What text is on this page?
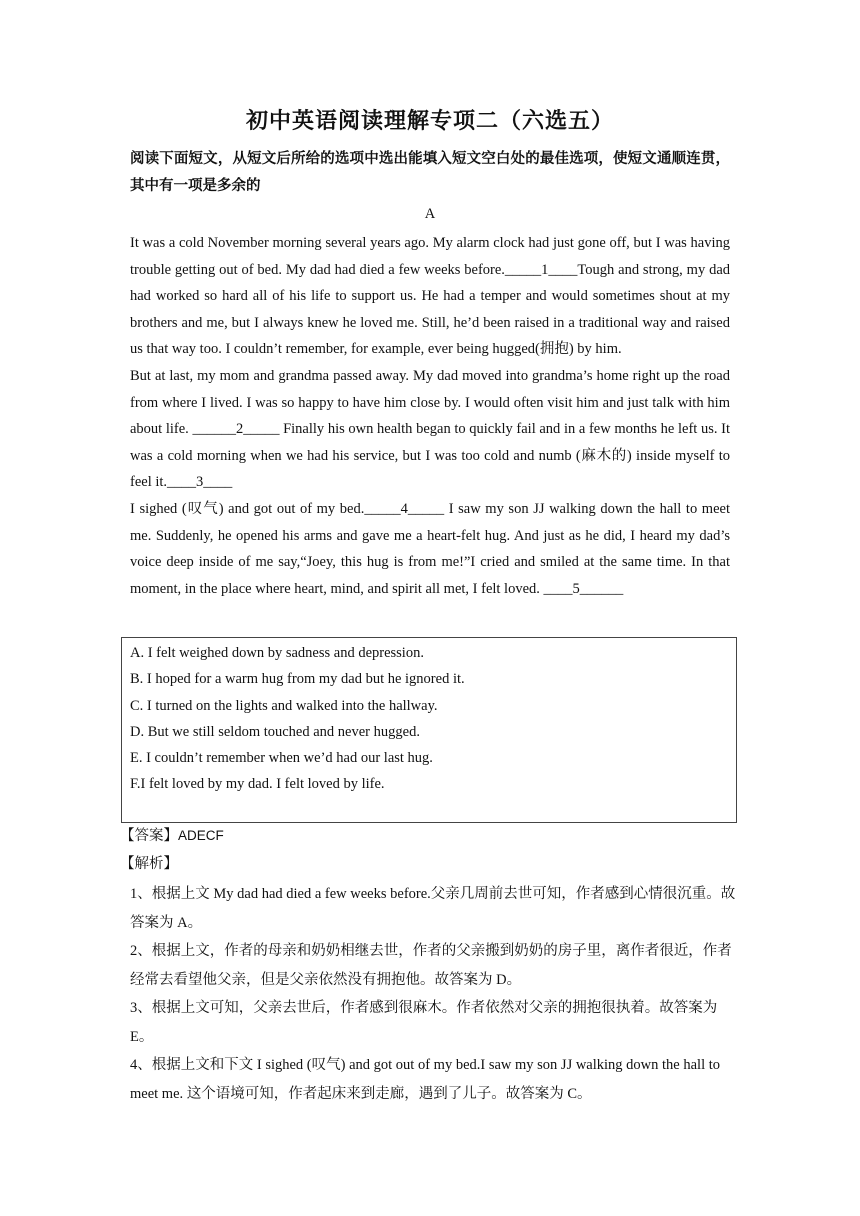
初中英语阅读理解专项二（六选五）
阅读下面短文，从短文后所给的选项中选出能填入短文空白处的最佳选项，使短文通顺连贯，其中有一项是多余的
A

It was a cold November morning several years ago. My alarm clock had just gone off, but I was having trouble getting out of bed. My dad had died a few weeks before._____1____Tough and strong, my dad had worked so hard all of his life to support us. He had a temper and would sometimes shout at my brothers and me, but I always knew he loved me. Still, he’d been raised in a traditional way and raised us that way too. I couldn’t remember, for example, ever being hugged(拥抱) by him.

But at last, my mom and grandma passed away. My dad moved into grandma’s home right up the road from where I lived. I was so happy to have him close by. I would often visit him and just talk with him about life. ______2_____ Finally his own health began to quickly fail and in a few months he left us. It was a cold morning when we had his service, but I was too cold and numb (麻木的) inside myself to feel it.____3____

I sighed (叹气) and got out of my bed._____4_____ I saw my son JJ walking down the hall to meet me. Suddenly, he opened his arms and gave me a heart-felt hug. And just as he did, I heard my dad’s voice deep inside of me say,“Joey, this hug is from me!”I cried and smiled at the same time. In that moment, in the place where heart, mind, and spirit all met, I felt loved. ____5______

A. I felt weighed down by sadness and depression.
B. I hoped for a warm hug from my dad but he ignored it.
C. I turned on the lights and walked into the hallway.
D. But we still seldom touched and never hugged.
E. I couldn’t remember when we’d had our last hug.
F.I felt loved by my dad. I felt loved by life.
【答案】ADECF
【解析】

1、根据上文 My dad had died a few weeks before.父亲几周前去世可知，作者感到心情很沉重。故答案为 A。

2、根据上文，作者的母亲和奶奶相继去世，作者的父亲搬到奶奶的房子里，离作者很近，作者经常去看望他父亲，但是父亲依然没有拥抱他。故答案为 D。

3、根据上文可知，父亲去世后，作者感到很麻木。作者依然对父亲的拥抱很执着。故答案为 E。

4、根据上文和下文 I sighed (叹气) and got out of my bed.I saw my son JJ walking down the hall to meet me. 这个语境可知，作者起床来到走廊，遇到了儿子。故答案为 C。
